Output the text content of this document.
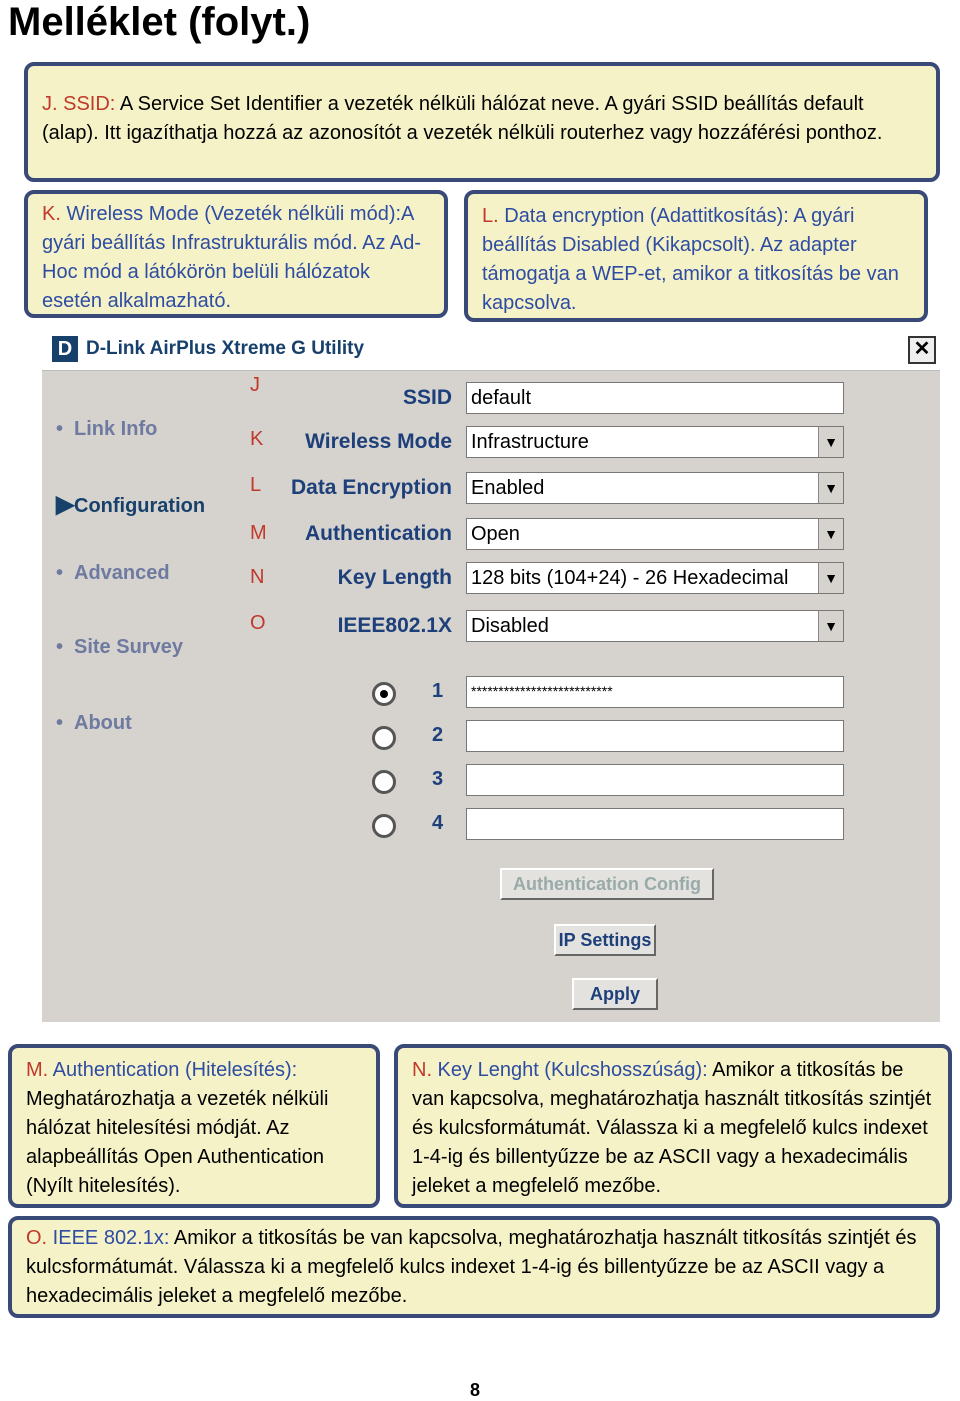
Melléklet (folyt.)
J. SSID: A Service Set Identifier a vezeték nélküli hálózat neve. A gyári SSID beállítás default (alap). Itt igazíthatja hozzá az azonosítót a vezeték nélküli routerhez vagy hozzáférési ponthoz.
K. Wireless Mode (Vezeték nélküli mód):A gyári beállítás Infrastrukturális mód. Az Ad-Hoc mód a látókörön belüli hálózatok esetén alkalmazható.
L. Data encryption (Adattitkosítás): A gyári beállítás Disabled (Kikapcsolt). Az adapter támogatja a WEP-et, amikor a titkosítás be van kapcsolva.
D D-Link AirPlus Xtreme G Utility	✕
• Link Info
▶Configuration
• Advanced
• Site Survey
• About
J
K
L
M
N
O
SSID default
Wireless Mode Infrastructure	▼
Data Encryption Enabled	▼
Authentication Open	▼
Key Length 128 bits (104+24) - 26 Hexadecimal	▼
IEEE802.1X Disabled	▼
1	**************************
2
3
4
Authentication Config
IP Settings
Apply
M. Authentication (Hitelesítés): Meghatározhatja a vezeték nélküli hálózat hitelesítési módját. Az alapbeállítás Open Authentication (Nyílt hitelesítés).
N. Key Lenght (Kulcshosszúság): Amikor a titkosítás be van kapcsolva, meghatározhatja használt titkosítás szintjét és kulcsformátumát. Válassza ki a megfelelő kulcs indexet 1-4-ig és billentyűzze be az ASCII vagy a hexadecimális jeleket a megfelelő mezőbe.
O. IEEE 802.1x: Amikor a titkosítás be van kapcsolva, meghatározhatja használt titkosítás szintjét és kulcsformátumát. Válassza ki a megfelelő kulcs indexet 1-4-ig és billentyűzze be az ASCII vagy a hexadecimális jeleket a megfelelő mezőbe.
8
